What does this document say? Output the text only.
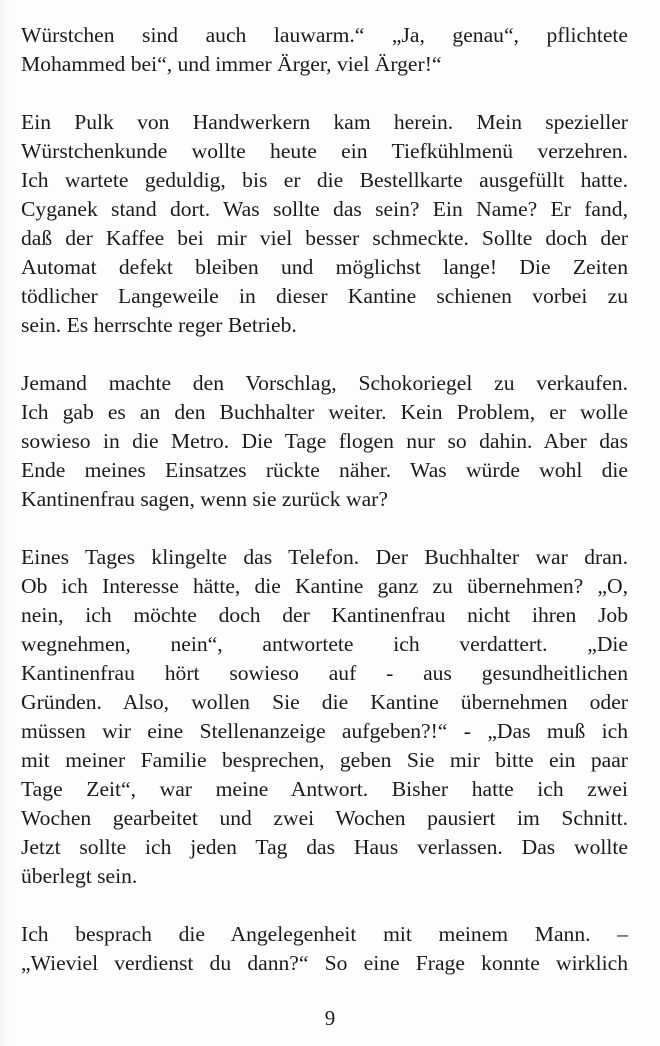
Würstchen sind auch lauwarm.“ „Ja, genau“, pflichtete
Mohammed bei“, und immer Ärger, viel Ärger!“
Ein Pulk von Handwerkern kam herein. Mein spezieller
Würstchenkunde wollte heute ein Tiefkühlmenü verzehren.
Ich wartete geduldig, bis er die Bestellkarte ausgefüllt hatte.
Cyganek stand dort. Was sollte das sein? Ein Name? Er fand,
daß der Kaffee bei mir viel besser schmeckte. Sollte doch der
Automat defekt bleiben und möglichst lange! Die Zeiten
tödlicher Langeweile in dieser Kantine schienen vorbei zu
sein. Es herrschte reger Betrieb.
Jemand machte den Vorschlag, Schokoriegel zu verkaufen.
Ich gab es an den Buchhalter weiter. Kein Problem, er wolle
sowieso in die Metro. Die Tage flogen nur so dahin. Aber das
Ende meines Einsatzes rückte näher. Was würde wohl die
Kantinenfrau sagen, wenn sie zurück war?
Eines Tages klingelte das Telefon. Der Buchhalter war dran.
Ob ich Interesse hätte, die Kantine ganz zu übernehmen? „O,
nein, ich möchte doch der Kantinenfrau nicht ihren Job
wegnehmen, nein“, antwortete ich verdattert. „Die
Kantinenfrau hört sowieso auf - aus gesundheitlichen
Gründen. Also, wollen Sie die Kantine übernehmen oder
müssen wir eine Stellenanzeige aufgeben?!“ - „Das muß ich
mit meiner Familie besprechen, geben Sie mir bitte ein paar
Tage Zeit“, war meine Antwort. Bisher hatte ich zwei
Wochen gearbeitet und zwei Wochen pausiert im Schnitt.
Jetzt sollte ich jeden Tag das Haus verlassen. Das wollte
überlegt sein.
Ich besprach die Angelegenheit mit meinem Mann. –
„Wieviel verdienst du dann?“ So eine Frage konnte wirklich
9
